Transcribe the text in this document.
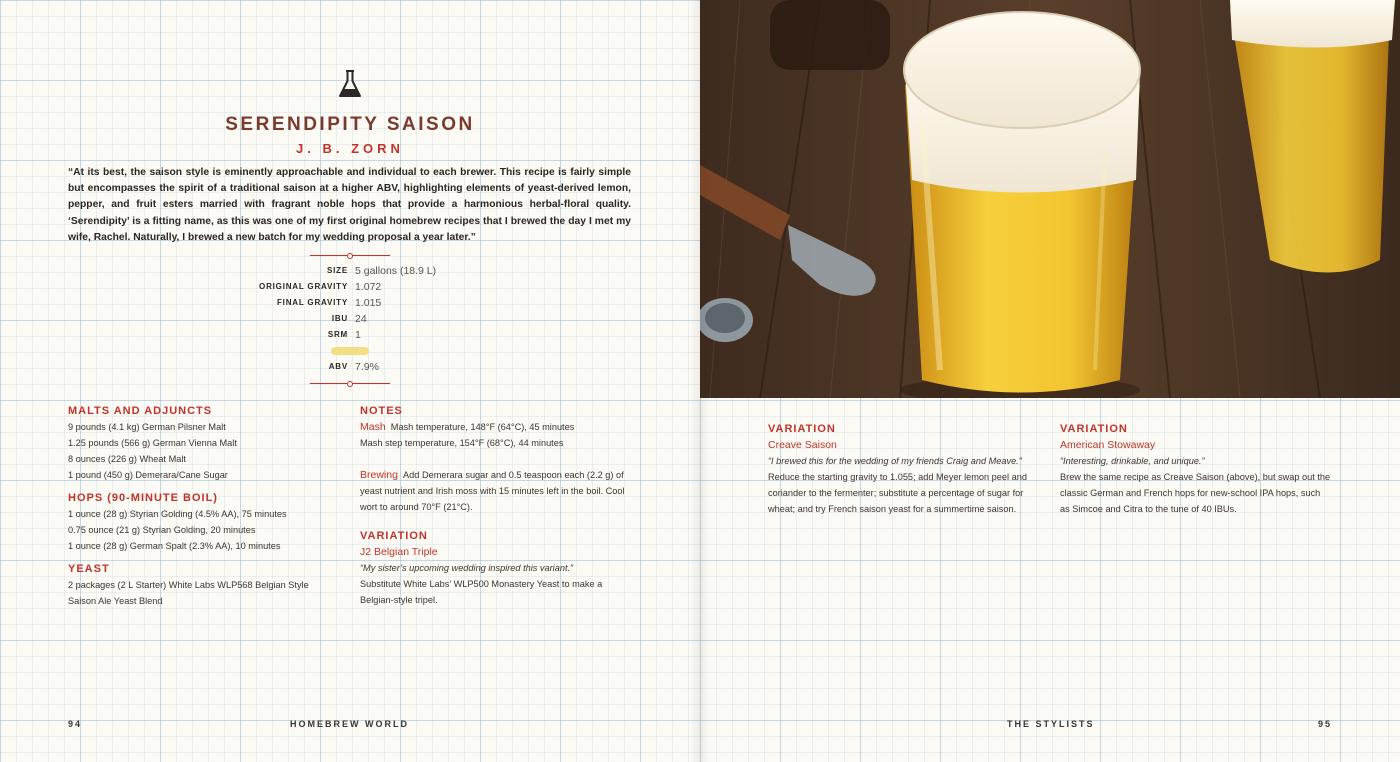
SERENDIPITY SAISON
J. B. ZORN

“At its best, the saison style is eminently approachable and individual to each brewer. This recipe is fairly simple but encompasses the spirit of a traditional saison at a higher ABV, highlighting elements of yeast-derived lemon, pepper, and fruit esters married with fragrant noble hops that provide a harmonious herbal-floral quality. ‘Serendipity’ is a fitting name, as this was one of my first original homebrew recipes that I brewed the day I met my wife, Rachel. Naturally, I brewed a new batch for my wedding proposal a year later.”

SIZE 5 gallons (18.9 L)
ORIGINAL GRAVITY 1.072
FINAL GRAVITY 1.015
IBU 24
SRM 1
ABV 7.9%
MALTS AND ADJUNCTS
9 pounds (4.1 kg) German Pilsner Malt
1.25 pounds (566 g) German Vienna Malt
8 ounces (226 g) Wheat Malt
1 pound (450 g) Demerara/Cane Sugar
HOPS (90-MINUTE BOIL)
1 ounce (28 g) Styrian Golding (4.5% AA), 75 minutes
0.75 ounce (21 g) Styrian Golding, 20 minutes
1 ounce (28 g) German Spalt (2.3% AA), 10 minutes
YEAST

2 packages (2 L Starter) White Labs WLP568 Belgian Style Saison Ale Yeast Blend

NOTES
Mash Mash temperature, 148°F (64°C), 45 minutes
Mash step temperature, 154°F (68°C), 44 minutes

Brewing Add Demerara sugar and 0.5 teaspoon each (2.2 g) of yeast nutrient and Irish moss with 15 minutes left in the boil. Cool wort to around 70°F (21°C).

VARIATION
J2 Belgian Triple
“My sister’s upcoming wedding inspired this variant.”

Substitute White Labs’ WLP500 Monastery Yeast to make a Belgian-style tripel.

94	HOMEBREW WORLD
VARIATION
Creave Saison
“I brewed this for the wedding of my friends Craig and Meave.”

Reduce the starting gravity to 1.055; add Meyer lemon peel and coriander to the fermenter; substitute a percentage of sugar for wheat; and try French saison yeast for a summertime saison.

VARIATION
American Stowaway
“Interesting, drinkable, and unique.”

Brew the same recipe as Creave Saison (above), but swap out the classic German and French hops for new-school IPA hops, such as Simcoe and Citra to the tune of 40 IBUs.

THE STYLISTS	95
